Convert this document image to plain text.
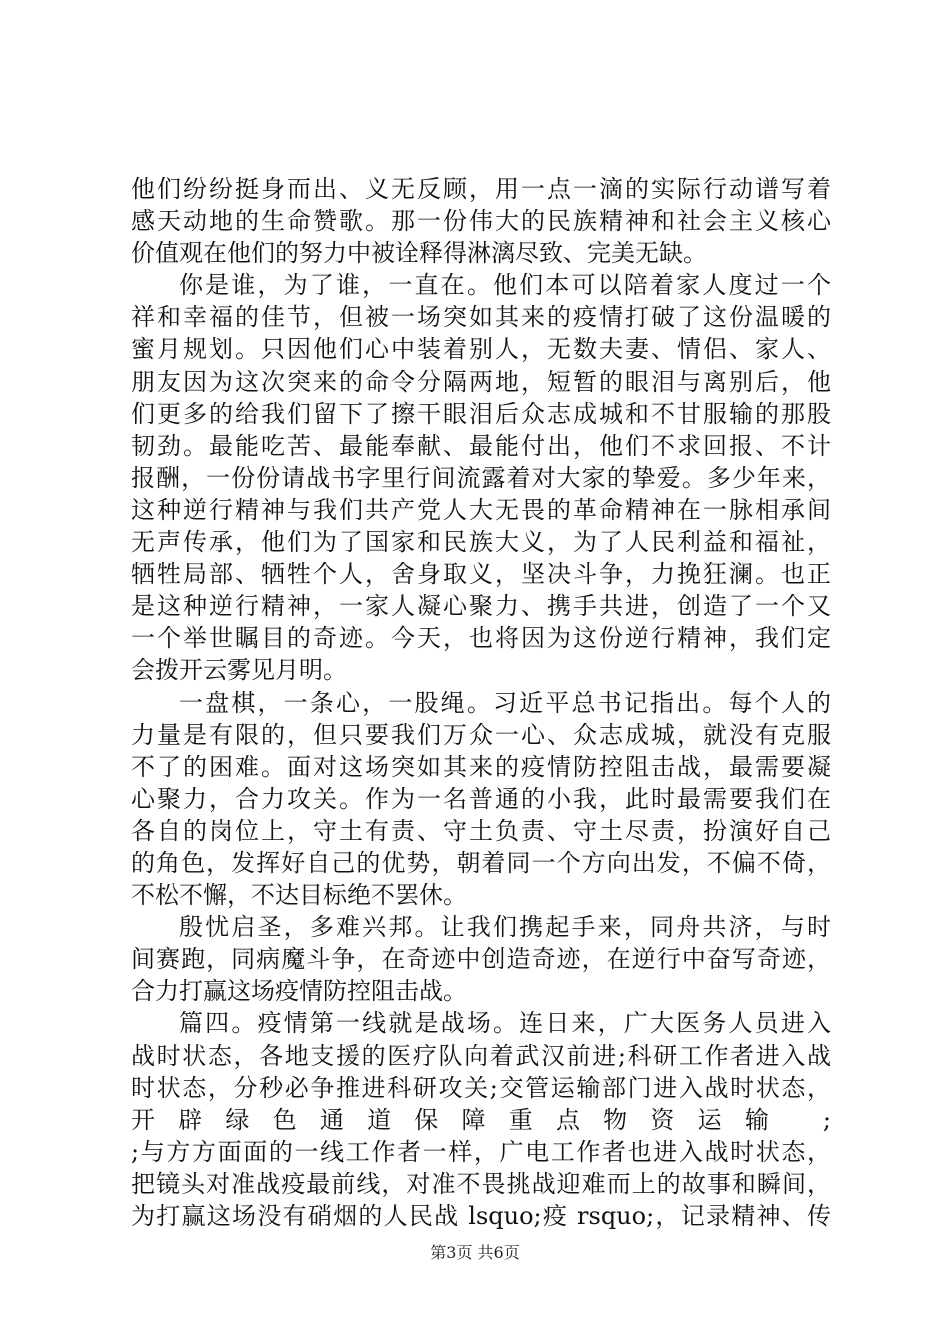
他们纷纷挺身而出、义无反顾，用一点一滴的实际行动谱写着
感天动地的生命赞歌。那一份伟大的民族精神和社会主义核心
价值观在他们的努力中被诠释得淋漓尽致、完美无缺。
你是谁，为了谁，一直在。他们本可以陪着家人度过一个
祥和幸福的佳节，但被一场突如其来的疫情打破了这份温暖的
蜜月规划。只因他们心中装着别人，无数夫妻、情侣、家人、
朋友因为这次突来的命令分隔两地，短暂的眼泪与离别后，他
们更多的给我们留下了擦干眼泪后众志成城和不甘服输的那股
韧劲。最能吃苦、最能奉献、最能付出，他们不求回报、不计
报酬，一份份请战书字里行间流露着对大家的挚爱。多少年来，
这种逆行精神与我们共产党人大无畏的革命精神在一脉相承间
无声传承，他们为了国家和民族大义，为了人民利益和福祉，
牺牲局部、牺牲个人，舍身取义，坚决斗争，力挽狂澜。也正
是这种逆行精神，一家人凝心聚力、携手共进，创造了一个又
一个举世瞩目的奇迹。今天，也将因为这份逆行精神，我们定
会拨开云雾见月明。
一盘棋，一条心，一股绳。习近平总书记指出。每个人的
力量是有限的，但只要我们万众一心、众志成城，就没有克服
不了的困难。面对这场突如其来的疫情防控阻击战，最需要凝
心聚力，合力攻关。作为一名普通的小我，此时最需要我们在
各自的岗位上，守土有责、守土负责、守土尽责，扮演好自己
的角色，发挥好自己的优势，朝着同一个方向出发，不偏不倚，
不松不懈，不达目标绝不罢休。
殷忧启圣，多难兴邦。让我们携起手来，同舟共济，与时
间赛跑，同病魔斗争，在奇迹中创造奇迹，在逆行中奋写奇迹，
合力打赢这场疫情防控阻击战。
篇四。疫情第一线就是战场。连日来，广大医务人员进入
战时状态，各地支援的医疗队向着武汉前进;科研工作者进入战
时状态，分秒必争推进科研攻关;交管运输部门进入战时状态，
开辟绿色通道保障重点物资运输 ;
;与方方面面的一线工作者一样，广电工作者也进入战时状态，
把镜头对准战疫最前线，对准不畏挑战迎难而上的故事和瞬间，
为打赢这场没有硝烟的人民战 lsquo;疫 rsquo;，记录精神、传
第3页 共6页
